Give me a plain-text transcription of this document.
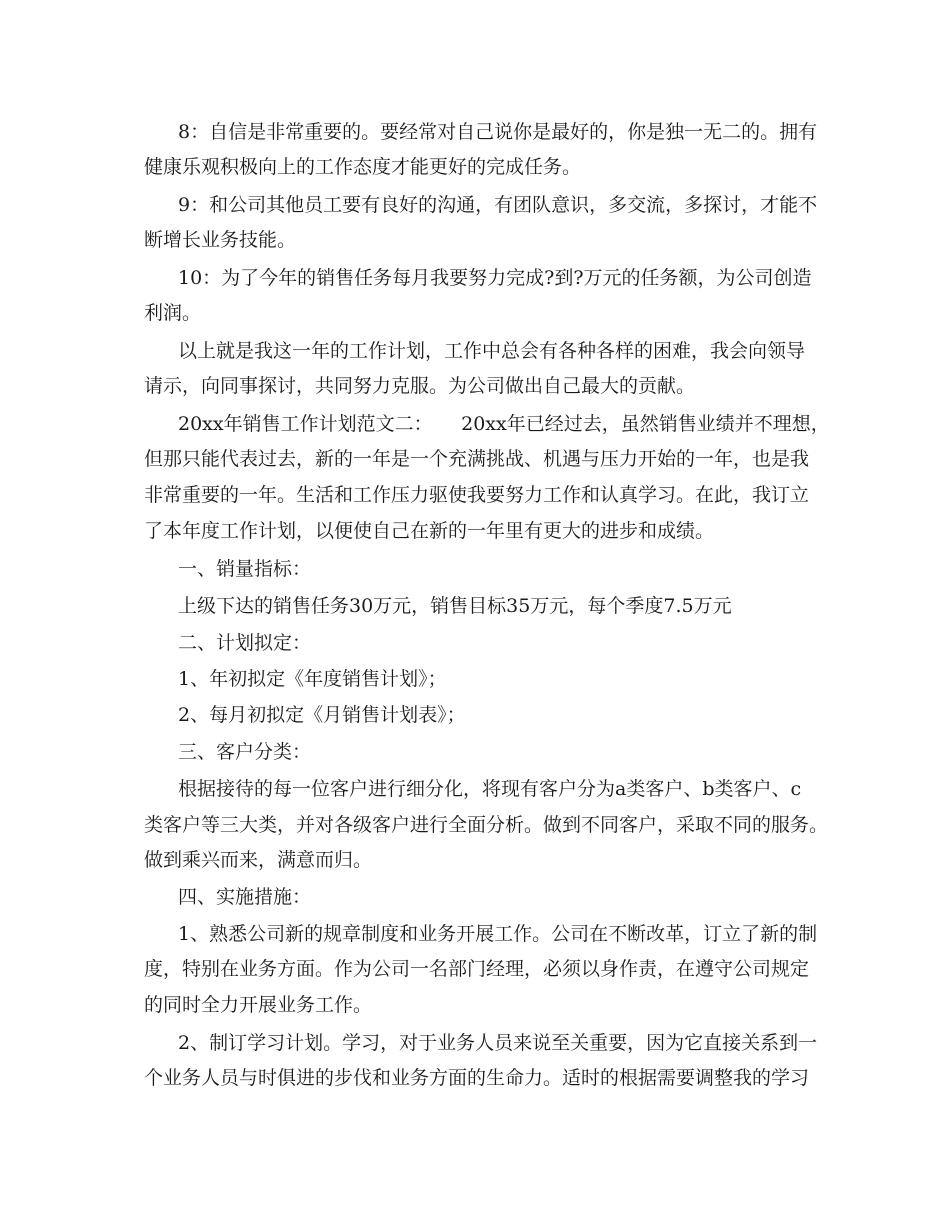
8：自信是非常重要的。要经常对自己说你是最好的，你是独一无二的。拥有
健康乐观积极向上的工作态度才能更好的完成任务。
9：和公司其他员工要有良好的沟通，有团队意识，多交流，多探讨，才能不
断增长业务技能。
10：为了今年的销售任务每月我要努力完成?到?万元的任务额，为公司创造
利润。
以上就是我这一年的工作计划，工作中总会有各种各样的困难，我会向领导
请示，向同事探讨，共同努力克服。为公司做出自己最大的贡献。
20xx年销售工作计划范文二：　　20xx年已经过去，虽然销售业绩并不理想，
但那只能代表过去，新的一年是一个充满挑战、机遇与压力开始的一年，也是我
非常重要的一年。生活和工作压力驱使我要努力工作和认真学习。在此，我订立
了本年度工作计划，以便使自己在新的一年里有更大的进步和成绩。
一、销量指标：
上级下达的销售任务30万元，销售目标35万元，每个季度7.5万元
二、计划拟定：
1、年初拟定《年度销售计划》；
2、每月初拟定《月销售计划表》；
三、客户分类：
根据接待的每一位客户进行细分化，将现有客户分为a类客户、b类客户、c
类客户等三大类，并对各级客户进行全面分析。做到不同客户，采取不同的服务。
做到乘兴而来，满意而归。
四、实施措施：
1、熟悉公司新的规章制度和业务开展工作。公司在不断改革，订立了新的制
度，特别在业务方面。作为公司一名部门经理，必须以身作责，在遵守公司规定
的同时全力开展业务工作。
2、制订学习计划。学习，对于业务人员来说至关重要，因为它直接关系到一
个业务人员与时俱进的步伐和业务方面的生命力。适时的根据需要调整我的学习
